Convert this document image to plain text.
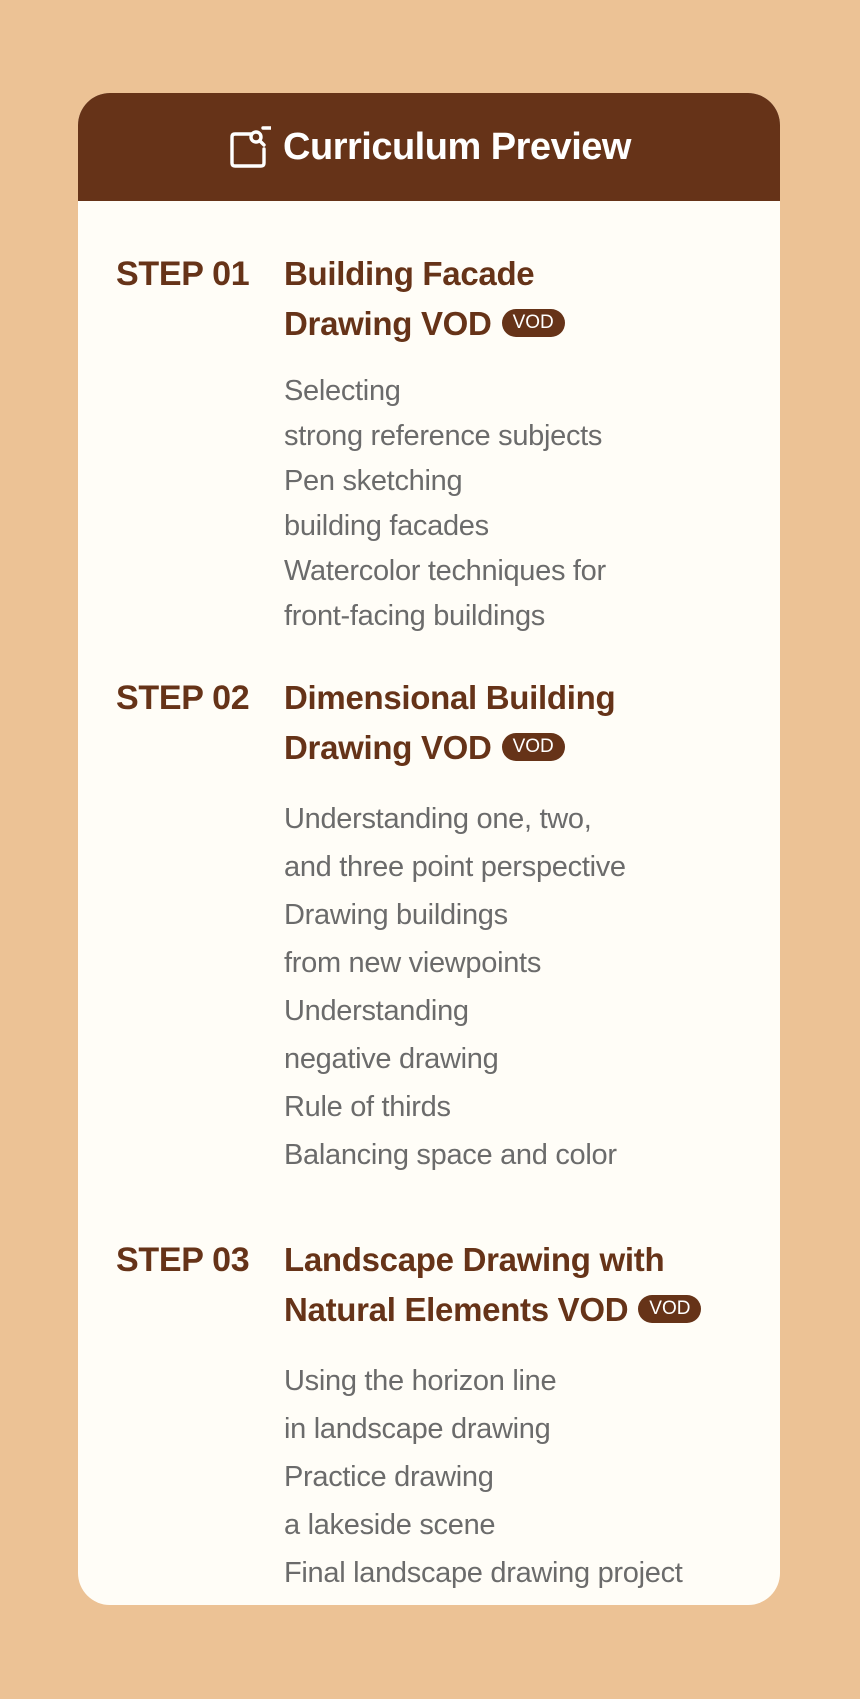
Curriculum Preview
STEP 01	Building Facade
Drawing VOD VOD
Selecting
strong reference subjects
Pen sketching
building facades
Watercolor techniques for
front-facing buildings
STEP 02	Dimensional Building
Drawing VOD VOD
Understanding one, two,
and three point perspective
Drawing buildings
from new viewpoints
Understanding
negative drawing
Rule of thirds
Balancing space and color
STEP 03	Landscape Drawing with
Natural Elements VOD VOD
Using the horizon line
in landscape drawing
Practice drawing
a lakeside scene
Final landscape drawing project
